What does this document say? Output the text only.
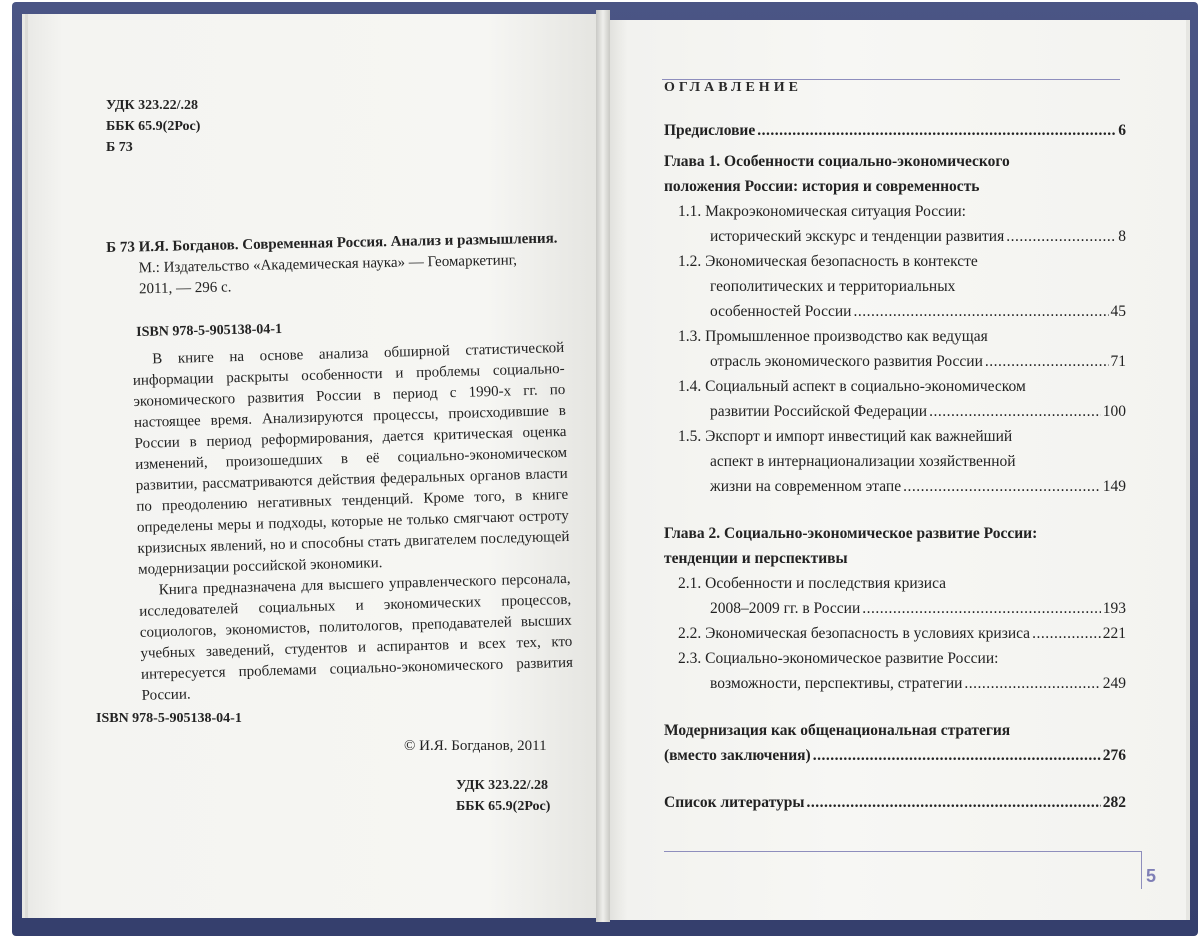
УДК 323.22/.28
ББК 65.9(2Рос)
Б 73
Б 73 И.Я. Богданов. Современная Россия. Анализ и размышления.
М.: Издательство «Академическая наука» — Геомаркетинг,
2011, — 296 с.
ISBN 978-5-905138-04-1

В книге на основе анализа обширной статистической информации раскрыты особенности и проблемы социально-экономического развития России в период с 1990-х гг. по настоящее время. Анализируются процессы, происходившие в России в период реформирования, дается критическая оценка изменений, произошедших в её социально-экономическом развитии, рассматриваются действия федеральных органов власти по преодолению негативных тенденций. Кроме того, в книге определены меры и подходы, которые не только смягчают остроту кризисных явлений, но и способны стать двигателем последующей модернизации российской экономики.

Книга предназначена для высшего управленческого персонала, исследователей социальных и экономических процессов, социологов, экономистов, политологов, преподавателей высших учебных заведений, студентов и аспирантов и всех тех, кто интересуется проблемами социально-экономического развития России.

ISBN 978-5-905138-04-1
© И.Я. Богданов, 2011
УДК 323.22/.28
ББК 65.9(2Рос)
ОГЛАВЛЕНИЕ
Предисловие .....	6
Глава 1. Особенности социально-экономического
положения России: история и современность
1.1. Макроэкономическая ситуация России:
исторический экскурс и тенденции развития .....	8
1.2. Экономическая безопасность в контексте
геополитических и территориальных
особенностей России .....	45
1.3. Промышленное производство как ведущая
отрасль экономического развития России .....	71
1.4. Социальный аспект в социально-экономическом
развитии Российской Федерации .....	100
1.5. Экспорт и импорт инвестиций как важнейший
аспект в интернационализации хозяйственной
жизни на современном этапе .....	149
Глава 2. Социально-экономическое развитие России:
тенденции и перспективы
2.1. Особенности и последствия кризиса
2008–2009 гг. в России .....	193
2.2. Экономическая безопасность в условиях кризиса .....	221
2.3. Социально-экономическое развитие России:
возможности, перспективы, стратегии .....	249
Модернизация как общенациональная стратегия
(вместо заключения) .....	276
Список литературы .....	282
5
